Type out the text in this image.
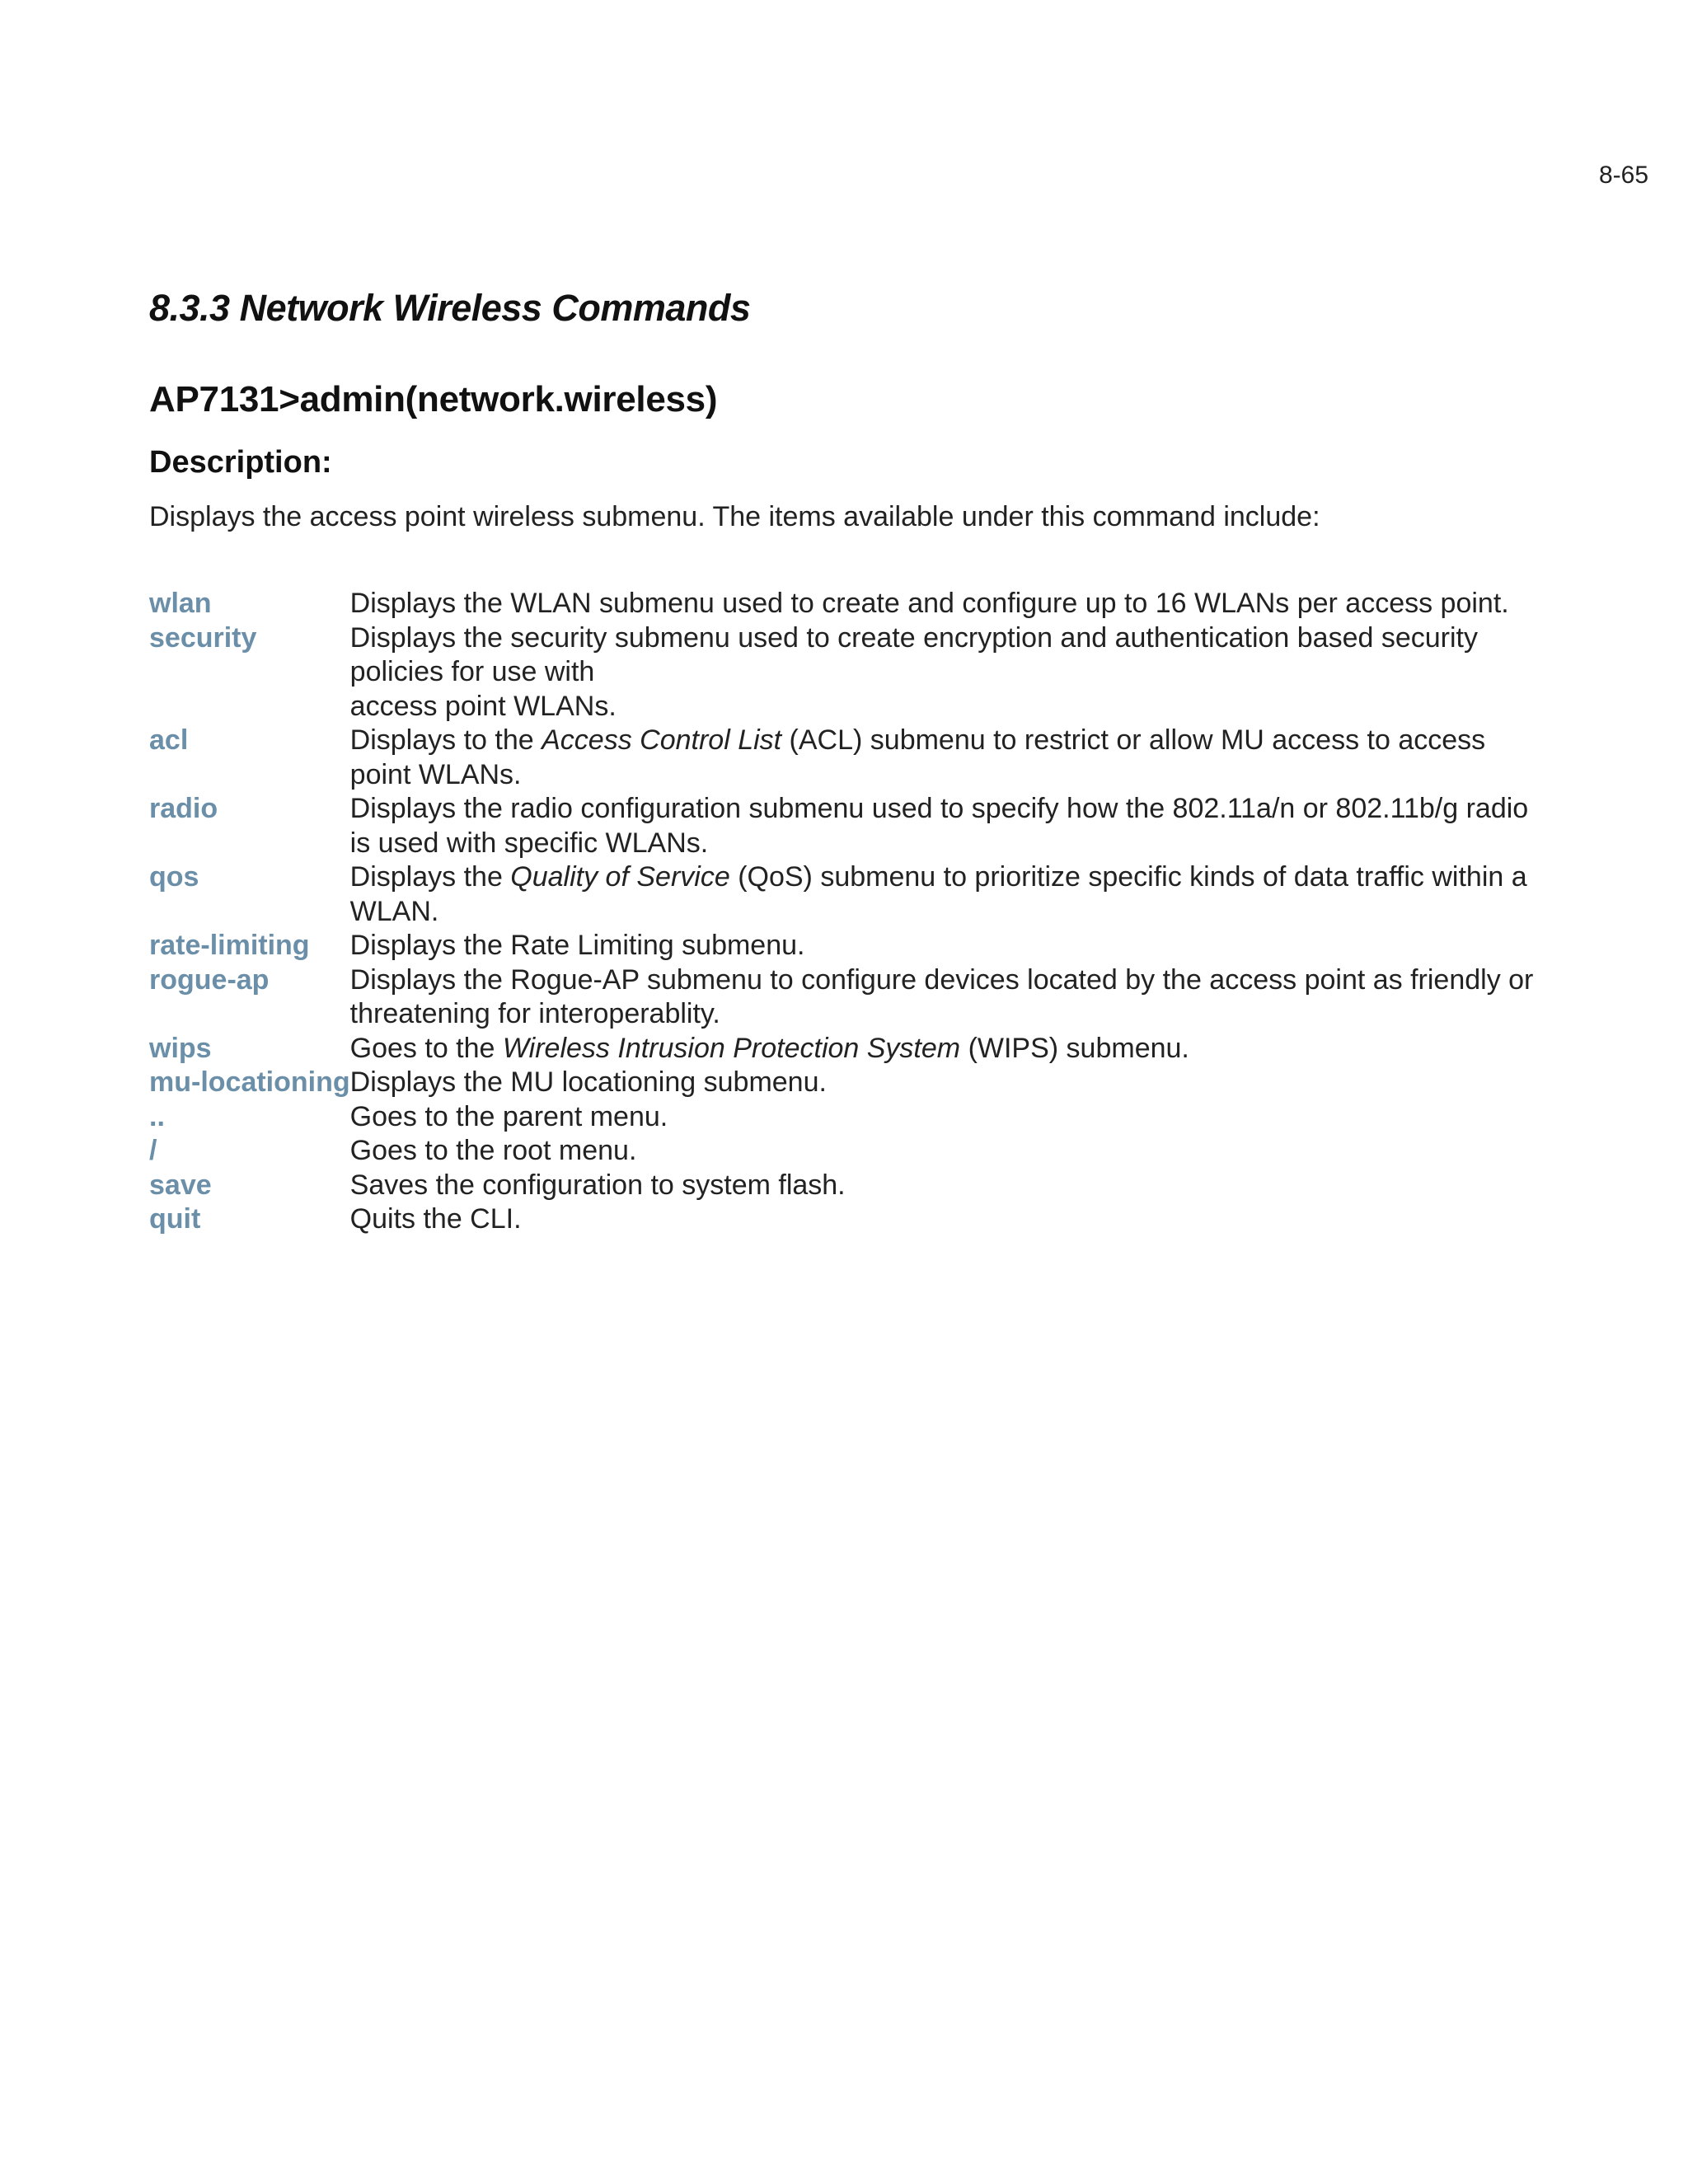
8-65
8.3.3 Network Wireless Commands
AP7131>admin(network.wireless)
Description:

Displays the access point wireless submenu. The items available under this command include:

wlan	Displays the WLAN submenu used to create and configure up to 16 WLANs per access point.
security	Displays the security submenu used to create encryption and authentication based security policies for use with
access point WLANs.
acl	Displays to the Access Control List (ACL) submenu to restrict or allow MU access to access point WLANs.
radio	Displays the radio configuration submenu used to specify how the 802.11a/n or 802.11b/g radio is used with specific WLANs.
qos	Displays the Quality of Service (QoS) submenu to prioritize specific kinds of data traffic within a WLAN.
rate-limiting	Displays the Rate Limiting submenu.
rogue-ap	Displays the Rogue-AP submenu to configure devices located by the access point as friendly or threatening for interoperablity.
wips	Goes to the Wireless Intrusion Protection System (WIPS) submenu.
mu-locationing	Displays the MU locationing submenu.
..	Goes to the parent menu.
/	Goes to the root menu.
save	Saves the configuration to system flash.
quit	Quits the CLI.
